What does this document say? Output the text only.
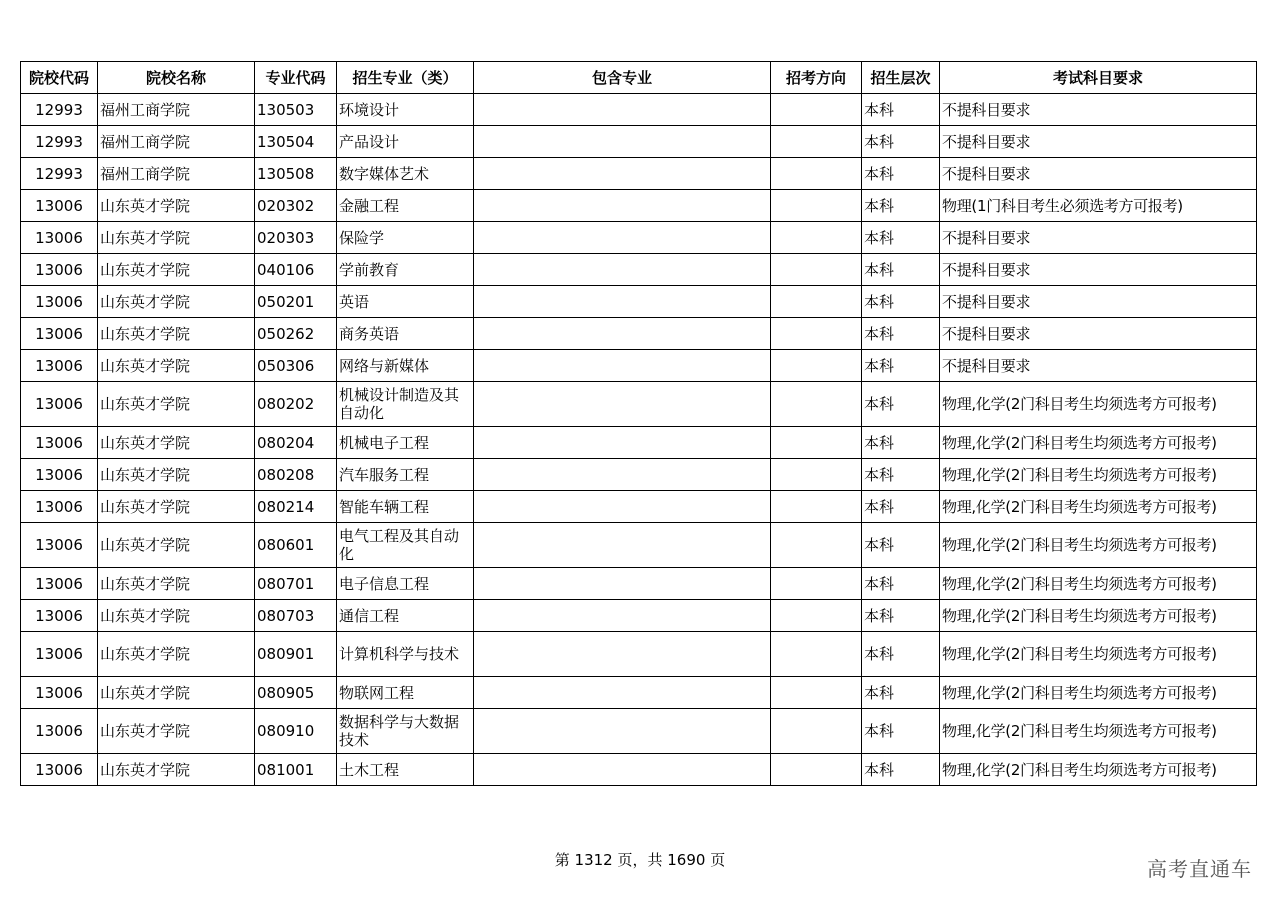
院校代码	院校名称	专业代码	招生专业（类）	包含专业	招考方向	招生层次	考试科目要求
12993	福州工商学院	130503	环境设计			本科	不提科目要求
12993	福州工商学院	130504	产品设计			本科	不提科目要求
12993	福州工商学院	130508	数字媒体艺术			本科	不提科目要求
13006	山东英才学院	020302	金融工程			本科	物理(1门科目考生必须选考方可报考)
13006	山东英才学院	020303	保险学			本科	不提科目要求
13006	山东英才学院	040106	学前教育			本科	不提科目要求
13006	山东英才学院	050201	英语			本科	不提科目要求
13006	山东英才学院	050262	商务英语			本科	不提科目要求
13006	山东英才学院	050306	网络与新媒体			本科	不提科目要求
13006	山东英才学院	080202	机械设计制造及其自动化			本科	物理,化学(2门科目考生均须选考方可报考)
13006	山东英才学院	080204	机械电子工程			本科	物理,化学(2门科目考生均须选考方可报考)
13006	山东英才学院	080208	汽车服务工程			本科	物理,化学(2门科目考生均须选考方可报考)
13006	山东英才学院	080214	智能车辆工程			本科	物理,化学(2门科目考生均须选考方可报考)
13006	山东英才学院	080601	电气工程及其自动化			本科	物理,化学(2门科目考生均须选考方可报考)
13006	山东英才学院	080701	电子信息工程			本科	物理,化学(2门科目考生均须选考方可报考)
13006	山东英才学院	080703	通信工程			本科	物理,化学(2门科目考生均须选考方可报考)
13006	山东英才学院	080901	计算机科学与技术			本科	物理,化学(2门科目考生均须选考方可报考)
13006	山东英才学院	080905	物联网工程			本科	物理,化学(2门科目考生均须选考方可报考)
13006	山东英才学院	080910	数据科学与大数据技术			本科	物理,化学(2门科目考生均须选考方可报考)
13006	山东英才学院	081001	土木工程			本科	物理,化学(2门科目考生均须选考方可报考)
第 1312 页，共 1690 页	高考直通车
